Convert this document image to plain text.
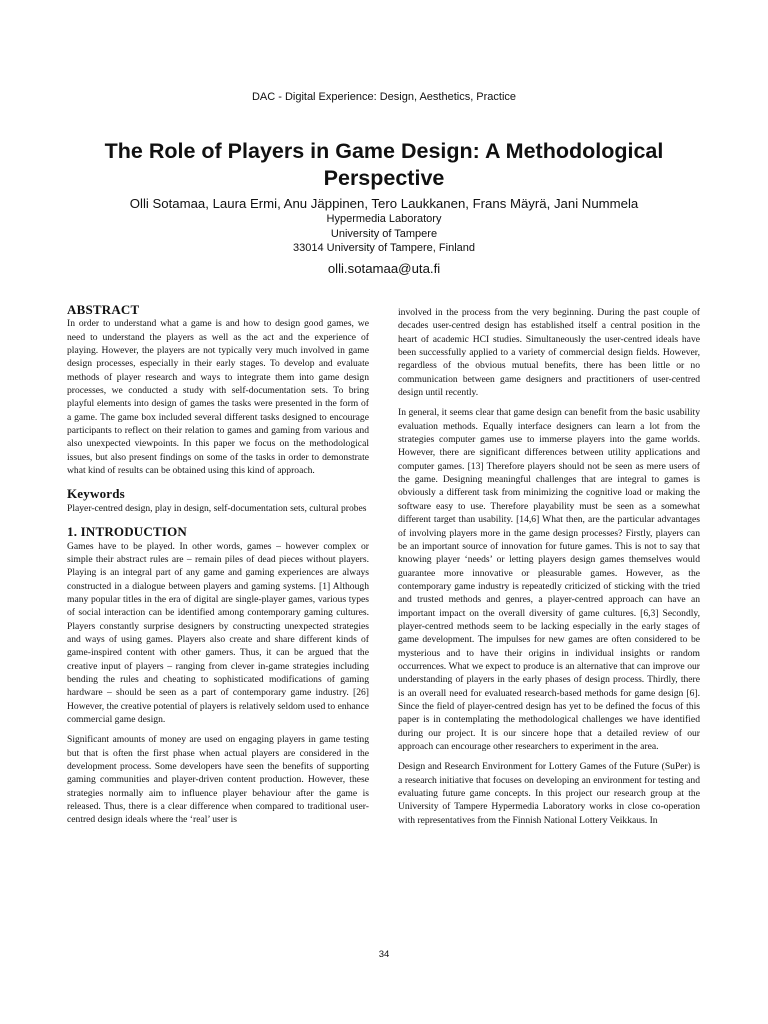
DAC - Digital Experience: Design, Aesthetics, Practice
The Role of Players in Game Design: A Methodological Perspective
Olli Sotamaa, Laura Ermi, Anu Jäppinen, Tero Laukkanen, Frans Mäyrä, Jani Nummela
Hypermedia Laboratory
University of Tampere
33014 University of Tampere, Finland
olli.sotamaa@uta.fi
ABSTRACT

In order to understand what a game is and how to design good games, we need to understand the players as well as the act and the experience of playing. However, the players are not typically very much involved in game design processes, especially in their early stages. To develop and evaluate methods of player research and ways to integrate them into game design processes, we conducted a study with self-documentation sets. To bring playful elements into design of games the tasks were presented in the form of a game. The game box included several different tasks designed to encourage participants to reflect on their relation to games and gaming from various and also unexpected viewpoints. In this paper we focus on the methodological issues, but also present findings on some of the tasks in order to demonstrate what kind of results can be obtained using this kind of approach.

Keywords

Player-centred design, play in design, self-documentation sets, cultural probes

1. INTRODUCTION

Games have to be played. In other words, games – however complex or simple their abstract rules are – remain piles of dead pieces without players. Playing is an integral part of any game and gaming experiences are always constructed in a dialogue between players and gaming systems. [1] Although many popular titles in the era of digital are single-player games, various types of social interaction can be identified among contemporary gaming cultures. Players constantly surprise designers by constructing unexpected strategies and ways of using games. Players also create and share different kinds of game-inspired content with other gamers. Thus, it can be argued that the creative input of players – ranging from clever in-game strategies including bending the rules and cheating to sophisticated modifications of gaming hardware – should be seen as a part of contemporary game industry. [26] However, the creative potential of players is relatively seldom used to enhance commercial game design.

Significant amounts of money are used on engaging players in game testing but that is often the first phase when actual players are considered in the development process. Some developers have seen the benefits of supporting gaming communities and player-driven content production. However, these strategies normally aim to influence player behaviour after the game is released. Thus, there is a clear difference when compared to traditional user-centred design ideals where the ‘real’ user is

involved in the process from the very beginning. During the past couple of decades user-centred design has established itself a central position in the heart of academic HCI studies. Simultaneously the user-centred ideals have been successfully applied to a variety of commercial design fields. However, regardless of the obvious mutual benefits, there has been little or no communication between game designers and practitioners of user-centred design until recently.

In general, it seems clear that game design can benefit from the basic usability evaluation methods. Equally interface designers can learn a lot from the strategies computer games use to immerse players into the game worlds. However, there are significant differences between utility applications and computer games. [13] Therefore players should not be seen as mere users of the game. Designing meaningful challenges that are integral to games is obviously a different task from minimizing the cognitive load or making the software easy to use. Therefore playability must be seen as a somewhat different target than usability. [14,6] What then, are the particular advantages of involving players more in the game design processes? Firstly, players can be an important source of innovation for future games. This is not to say that knowing player ‘needs’ or letting players design games themselves would guarantee more innovative or pleasurable games. However, as the contemporary game industry is repeatedly criticized of sticking with the tried and trusted methods and genres, a player-centred approach can have an important impact on the overall diversity of game cultures. [6,3] Secondly, player-centred methods seem to be lacking especially in the early stages of game development. The impulses for new games are often considered to be mysterious and to have their origins in individual insights or random occurrences. What we expect to produce is an alternative that can improve our understanding of players in the early phases of design process. Thirdly, there is an overall need for evaluated research-based methods for game design [6]. Since the field of player-centred design has yet to be defined the focus of this paper is in contemplating the methodological challenges we have identified during our project. It is our sincere hope that a detailed review of our approach can encourage other researchers to experiment in the area.

Design and Research Environment for Lottery Games of the Future (SuPer) is a research initiative that focuses on developing an environment for testing and evaluating future game concepts. In this project our research group at the University of Tampere Hypermedia Laboratory works in close co-operation with representatives from the Finnish National Lottery Veikkaus. In

34
